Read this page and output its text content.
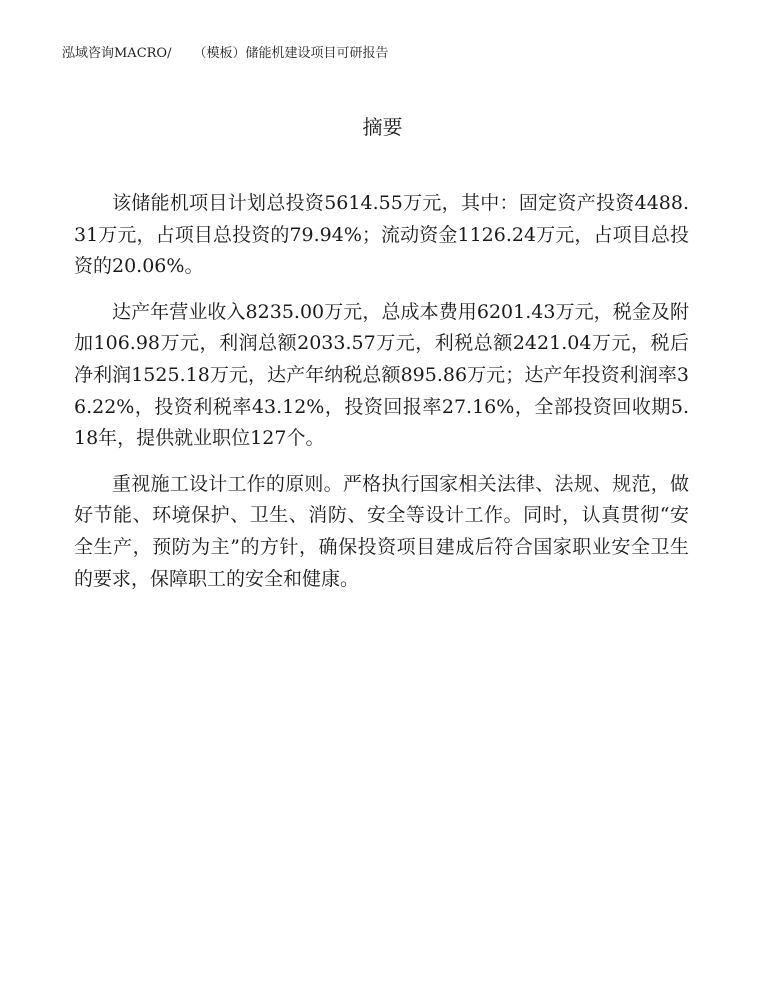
泓域咨询MACRO/ （模板）储能机建设项目可研报告
摘要

该储能机项目计划总投资5614.55万元，其中：固定资产投资4488.31万元，占项目总投资的79.94%；流动资金1126.24万元，占项目总投资的20.06%。

达产年营业收入8235.00万元，总成本费用6201.43万元，税金及附加106.98万元，利润总额2033.57万元，利税总额2421.04万元，税后净利润1525.18万元，达产年纳税总额895.86万元；达产年投资利润率36.22%，投资利税率43.12%，投资回报率27.16%，全部投资回收期5.18年，提供就业职位127个。

重视施工设计工作的原则。严格执行国家相关法律、法规、规范，做好节能、环境保护、卫生、消防、安全等设计工作。同时，认真贯彻“安全生产，预防为主”的方针，确保投资项目建成后符合国家职业安全卫生的要求，保障职工的安全和健康。
